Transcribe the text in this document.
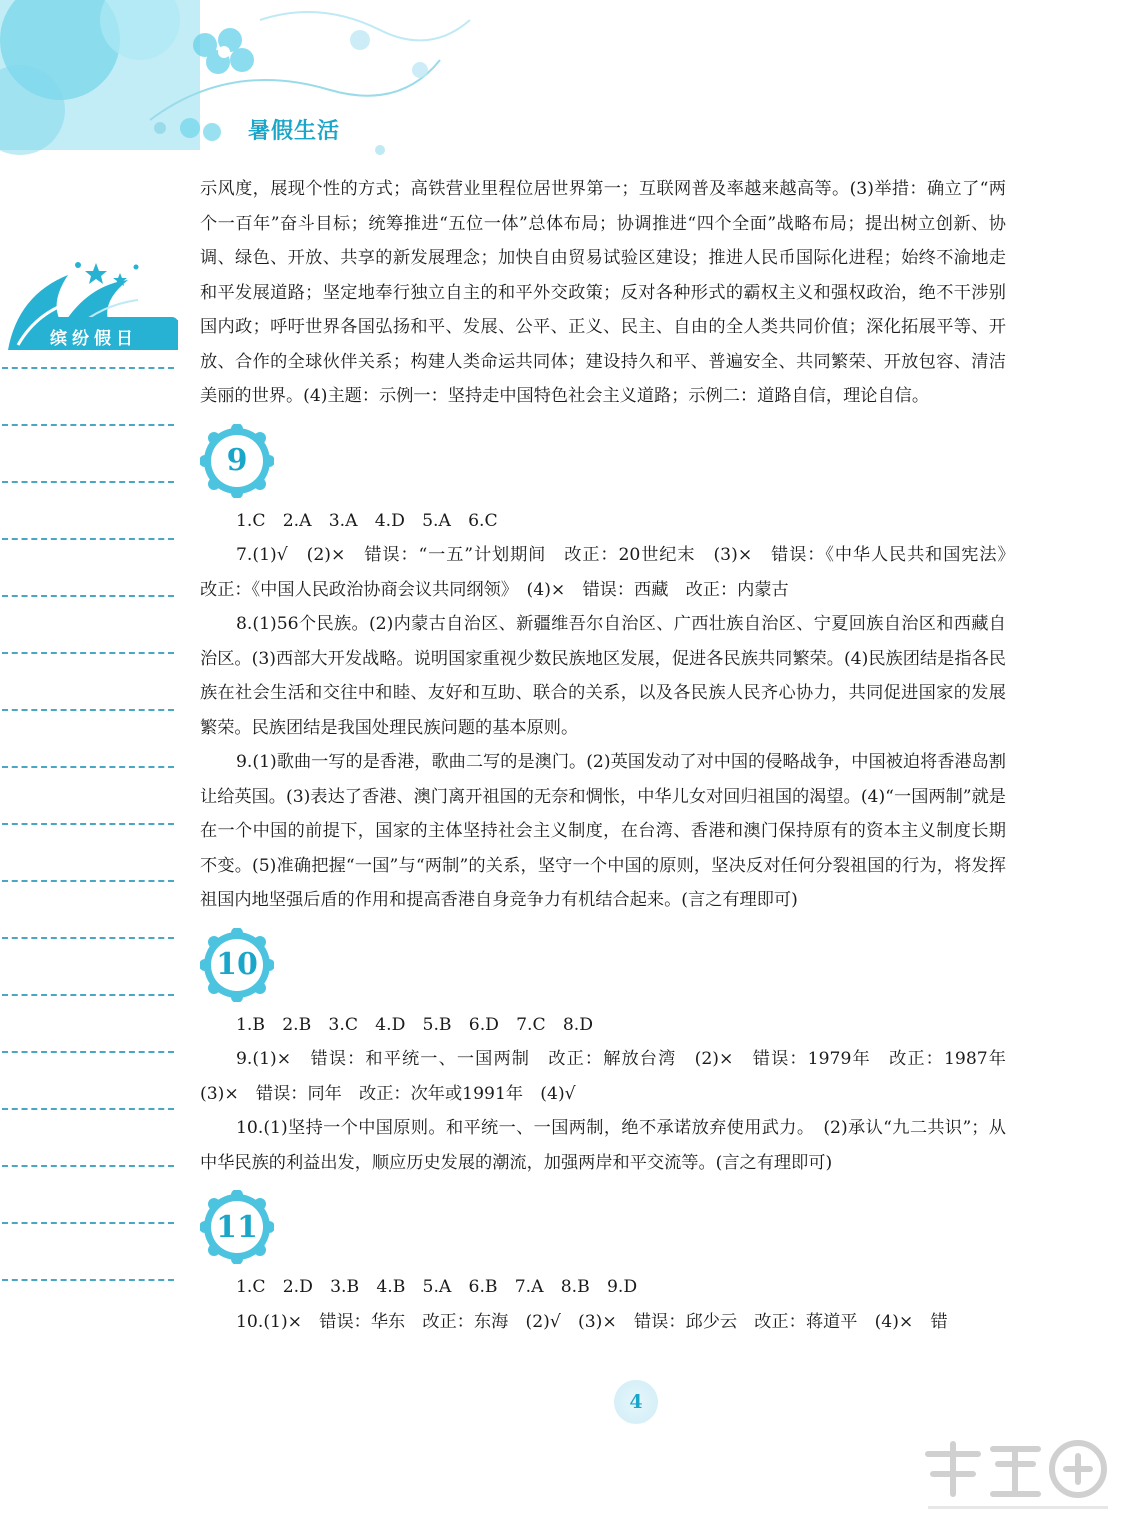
暑假生活
缤纷假日

示风度，展现个性的方式；高铁营业里程位居世界第一；互联网普及率越来越高等。(3)举措：确立了“两个一百年”奋斗目标；统筹推进“五位一体”总体布局；协调推进“四个全面”战略布局；提出树立创新、协调、绿色、开放、共享的新发展理念；加快自由贸易试验区建设；推进人民币国际化进程；始终不渝地走和平发展道路；坚定地奉行独立自主的和平外交政策；反对各种形式的霸权主义和强权政治，绝不干涉别国内政；呼吁世界各国弘扬和平、发展、公平、正义、民主、自由的全人类共同价值；深化拓展平等、开放、合作的全球伙伴关系；构建人类命运共同体；建设持久和平、普遍安全、共同繁荣、开放包容、清洁美丽的世界。(4)主题：示例一：坚持走中国特色社会主义道路；示例二：道路自信，理论自信。

9

1.C　2.A　3.A　4.D　5.A　6.C

7.(1)√　(2)×　错误：“一五”计划期间　改正：20世纪末　(3)×　错误：《中华人民共和国宪法》　改正：《中国人民政治协商会议共同纲领》　(4)×　错误：西藏　改正：内蒙古

8.(1)56个民族。(2)内蒙古自治区、新疆维吾尔自治区、广西壮族自治区、宁夏回族自治区和西藏自治区。(3)西部大开发战略。说明国家重视少数民族地区发展，促进各民族共同繁荣。(4)民族团结是指各民族在社会生活和交往中和睦、友好和互助、联合的关系，以及各民族人民齐心协力，共同促进国家的发展繁荣。民族团结是我国处理民族问题的基本原则。

9.(1)歌曲一写的是香港，歌曲二写的是澳门。(2)英国发动了对中国的侵略战争，中国被迫将香港岛割让给英国。(3)表达了香港、澳门离开祖国的无奈和惆怅，中华儿女对回归祖国的渴望。(4)“一国两制”就是在一个中国的前提下，国家的主体坚持社会主义制度，在台湾、香港和澳门保持原有的资本主义制度长期不变。(5)准确把握“一国”与“两制”的关系，坚守一个中国的原则，坚决反对任何分裂祖国的行为，将发挥祖国内地坚强后盾的作用和提高香港自身竞争力有机结合起来。(言之有理即可)

10

1.B　2.B　3.C　4.D　5.B　6.D　7.C　8.D

9.(1)×　错误：和平统一、一国两制　改正：解放台湾　(2)×　错误：1979年　改正：1987年　(3)×　错误：同年　改正：次年或1991年　(4)√

10.(1)坚持一个中国原则。和平统一、一国两制，绝不承诺放弃使用武力。　(2)承认“九二共识”；从中华民族的利益出发，顺应历史发展的潮流，加强两岸和平交流等。(言之有理即可)

11

1.C　2.D　3.B　4.B　5.A　6.B　7.A　8.B　9.D

10.(1)×　错误：华东　改正：东海　(2)√　(3)×　错误：邱少云　改正：蒋道平　(4)×　错

4
